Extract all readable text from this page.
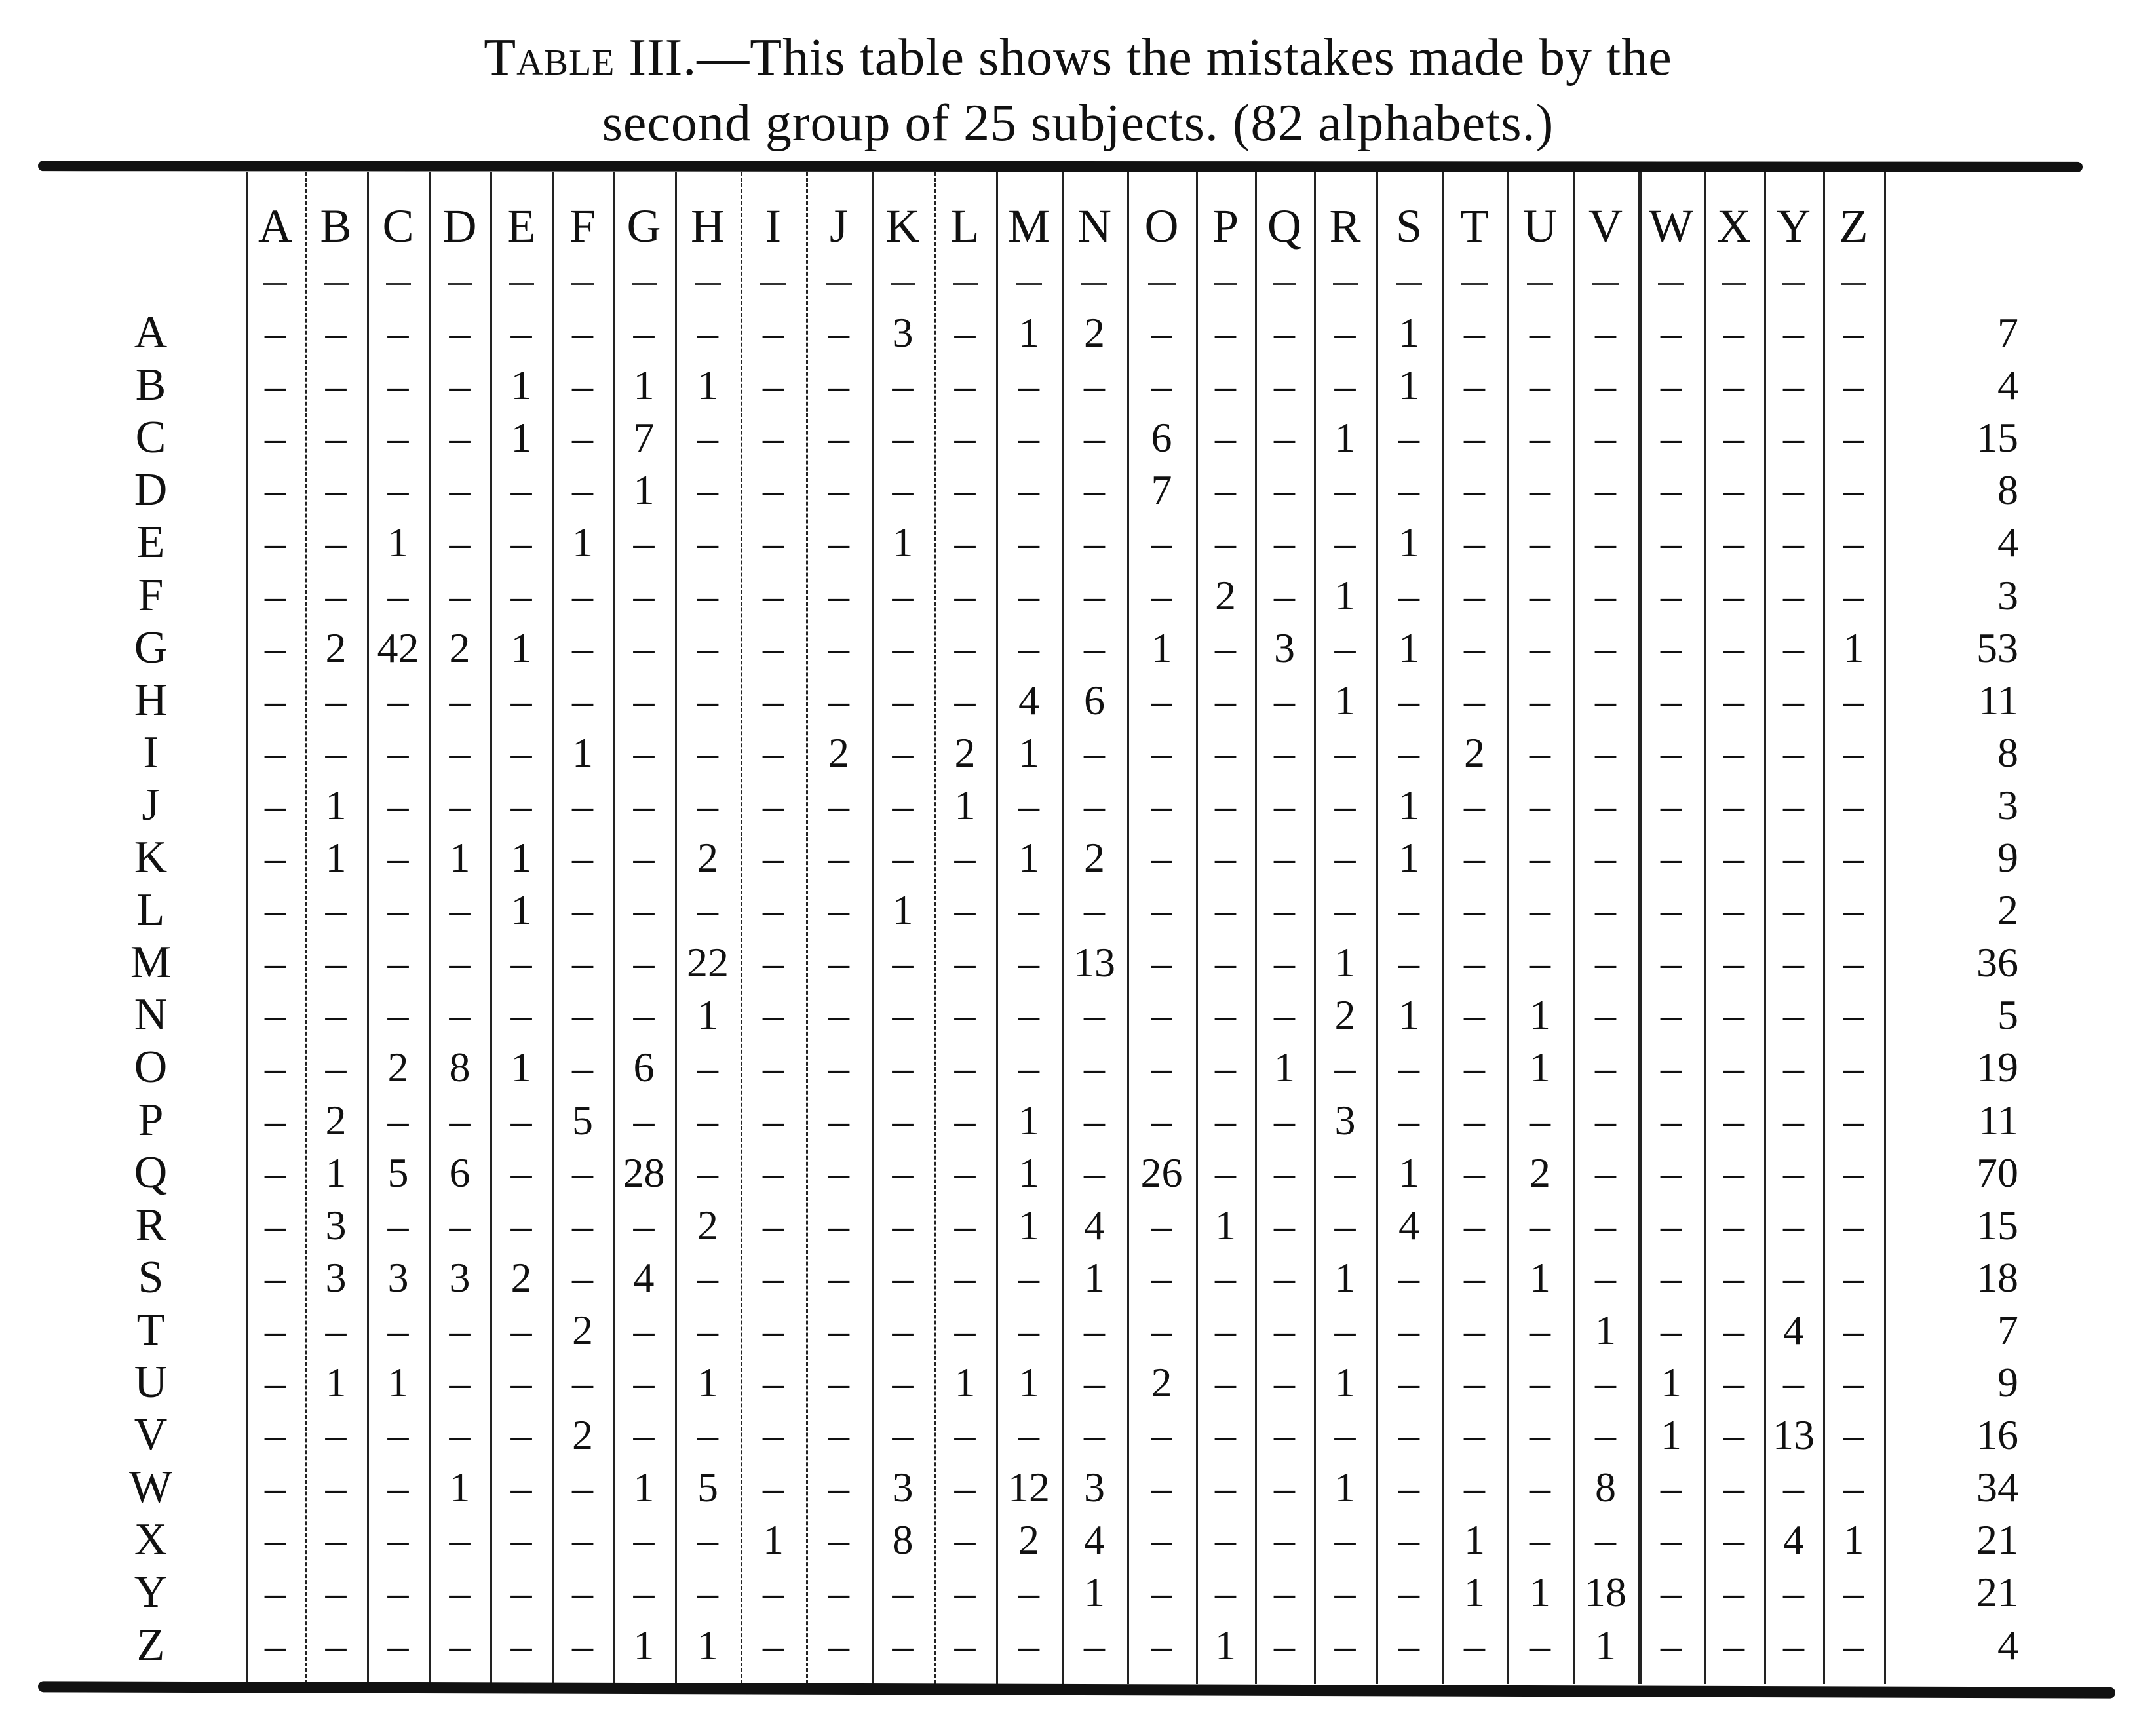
Table III.—This table shows the mistakes made by the
second group of 25 subjects. (82 alphabets.)
A B C D E F G H I	J K L M N O P Q R S T U V W X Y Z
A	– – – – – – –	–	–	–	3 –	1	2	–	– – –	1	–	–	–	–	– – –	7
B	– – – – 1 – 1	1	–	–	– –	–	–	–	– – –	1	–	–	–	–	– – –	4
C	– – – – 1 – 7	–	–	–	– –	–	–	6	– – 1	–	–	–	–	–	– – –	15
D	– – – – – – 1	–	–	–	– –	–	–	7	– – –	–	–	–	–	–	– – –	8
E	– – 1 – – 1 –	–	–	–	1 –	–	–	–	– – –	1	–	–	–	–	– – –	4
F	– – – – – – –	–	–	–	– –	–	–	–	2 – 1	–	–	–	–	–	– – –	3
G	– 2 42 2 1 – –	–	–	–	– –	–	–	1	– 3 –	1	–	–	–	–	– – 1	53
H	– – – – – – –	–	–	–	– –	4	6	–	– – 1	–	–	–	–	–	– – –	11
I	– – – – – 1 –	–	–	2	– 2	1	–	–	– – –	–	2	–	–	–	– – –	8
J	– 1 – – – – –	–	–	–	– 1	–	–	–	– – –	1	–	–	–	–	– – –	3
K	– 1 – 1 1 – –	2	–	–	– –	1	2	–	– – –	1	–	–	–	–	– – –	9
L	– – – – 1 – –	–	–	–	1 –	–	–	–	– – –	–	–	–	–	–	– – –	2
M	– – – – – – – 22 –	–	– –	– 13 –	– – 1	–	–	–	–	–	– – –	36
N	– – – – – – –	1	–	–	– –	–	–	–	– – 2	1	–	1	–	–	– – –	5
O	– – 2 8 1 – 6	–	–	–	– –	–	–	–	– 1 –	–	–	1	–	–	– – –	19
P	– 2 – – – 5 –	–	–	–	– –	1	–	–	– – 3	–	–	–	–	–	– – –	11
Q	– 1 5 6 – – 28 –	–	–	– –	1	– 26 – – –	1	–	2	–	–	– – –	70
R	– 3 – – – – –	2	–	–	– –	1	4	–	1 – –	4	–	–	–	–	– – –	15
S	– 3 3 3 2 – 4	–	–	–	– –	–	1	–	– – 1	–	–	1	–	–	– – –	18
T	– – – – – 2 –	–	–	–	– –	–	–	–	– – –	–	–	–	1	–	– 4 –	7
U	– 1 1 – – – –	1	–	–	– 1	1	–	2	– – 1	–	–	–	–	1	– – –	9
V	– – – – – 2 –	–	–	–	– –	–	–	–	– – –	–	–	–	–	1	– 13 –	16
W	– – – 1 – – 1	5	–	–	3 – 12 3	–	– – 1	–	–	–	8	–	– – –	34
X	– – – – – – –	–	1	–	8 –	2	4	–	– – –	–	1	–	–	–	– 4 1	21
Y	– – – – – – –	–	–	–	– –	–	1	–	– – –	–	1	1 18 –	– – –	21
Z	– – – – – – 1	1	–	–	– –	–	–	–	1 – –	–	–	–	1	–	– – –	4
